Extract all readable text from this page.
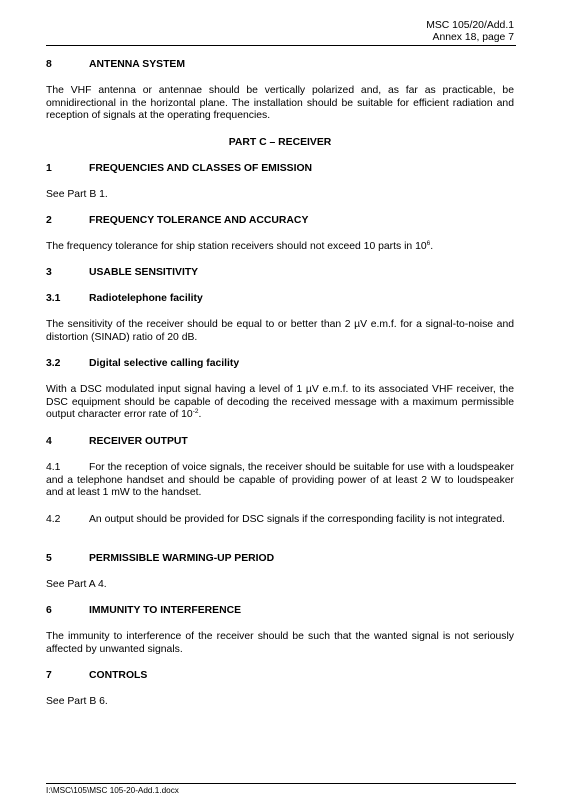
MSC 105/20/Add.1
Annex 18, page 7
8	ANTENNA SYSTEM
The VHF antenna or antennae should be vertically polarized and, as far as practicable, be omnidirectional in the horizontal plane. The installation should be suitable for efficient radiation and reception of signals at the operating frequencies.
PART C – RECEIVER
1	FREQUENCIES AND CLASSES OF EMISSION
See Part B 1.
2	FREQUENCY TOLERANCE AND ACCURACY
The frequency tolerance for ship station receivers should not exceed 10 parts in $10^6$.
3	USABLE SENSITIVITY
3.1	Radiotelephone facility
The sensitivity of the receiver should be equal to or better than 2 µV e.m.f. for a signal-to-noise and distortion (SINAD) ratio of 20 dB.
3.2	Digital selective calling facility
With a DSC modulated input signal having a level of 1 µV e.m.f. to its associated VHF receiver, the DSC equipment should be capable of decoding the received message with a maximum permissible output character error rate of $10^{-2}$.
4	RECEIVER OUTPUT
4.1	For the reception of voice signals, the receiver should be suitable for use with a loudspeaker and a telephone handset and should be capable of providing power of at least 2 W to loudspeaker and at least 1 mW to the handset.
4.2	An output should be provided for DSC signals if the corresponding facility is not integrated.
5	PERMISSIBLE WARMING-UP PERIOD
See Part A 4.
6	IMMUNITY TO INTERFERENCE
The immunity to interference of the receiver should be such that the wanted signal is not seriously affected by unwanted signals.
7	CONTROLS
See Part B 6.
I:\MSC\105\MSC 105-20-Add.1.docx
